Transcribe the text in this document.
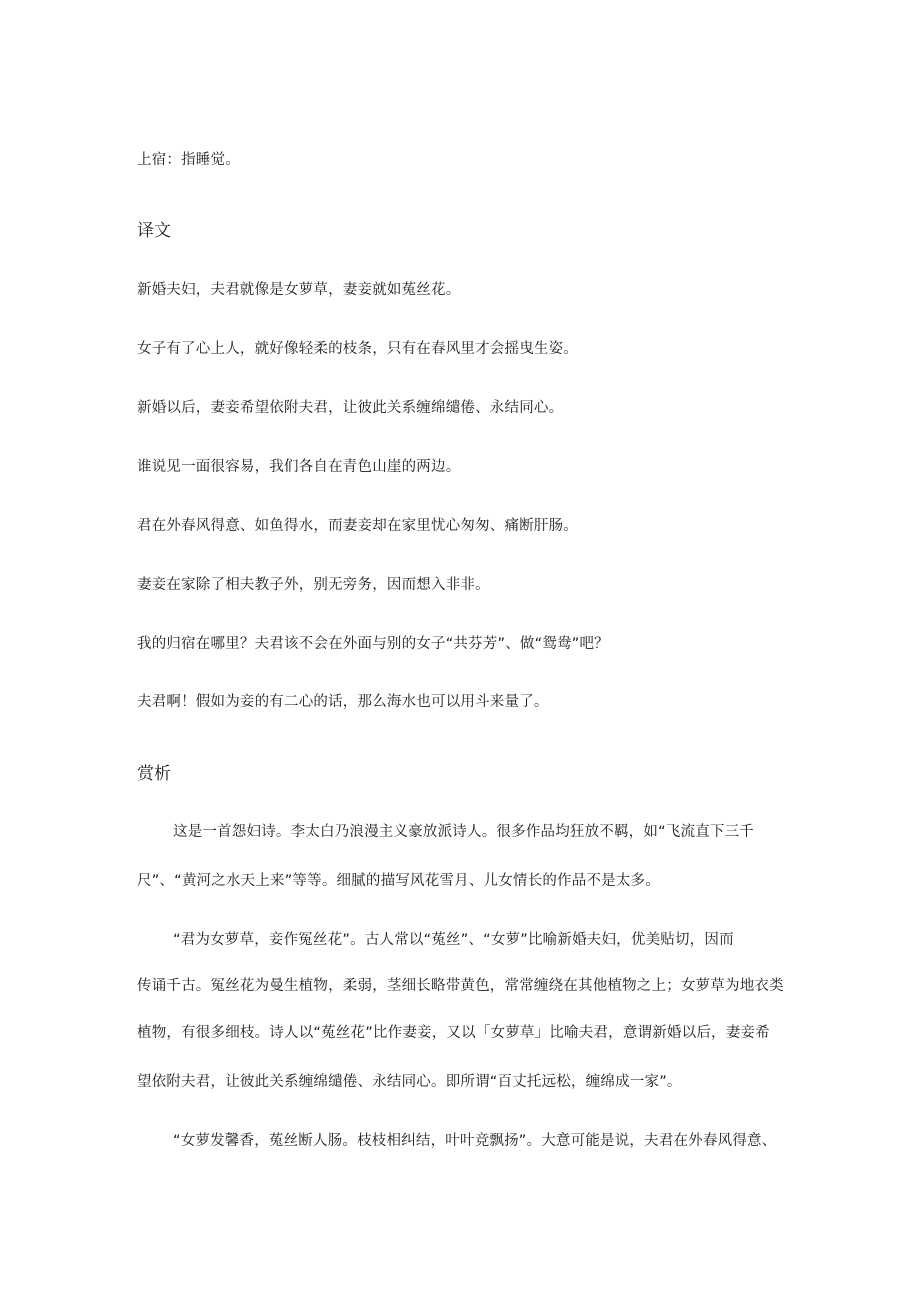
上宿：指睡觉。
译文
新婚夫妇，夫君就像是女萝草，妻妾就如菟丝花。
女子有了心上人，就好像轻柔的枝条，只有在春风里才会摇曳生姿。
新婚以后，妻妾希望依附夫君，让彼此关系缠绵缱倦、永结同心。
谁说见一面很容易，我们各自在青色山崖的两边。
君在外春风得意、如鱼得水，而妻妾却在家里忧心匆匆、痛断肝肠。
妻妾在家除了相夫教子外，别无旁务，因而想入非非。
我的归宿在哪里？夫君该不会在外面与别的女子“共芬芳”、做“鸳鸯”吧？
夫君啊！假如为妾的有二心的话，那么海水也可以用斗来量了。
赏析
这是一首怨妇诗。李太白乃浪漫主义豪放派诗人。很多作品均狂放不羁，如“飞流直下三千
尺”、“黄河之水天上来”等等。细腻的描写风花雪月、儿女情长的作品不是太多。
“君为女萝草，妾作冤丝花”。古人常以“菟丝”、“女萝”比喻新婚夫妇，优美贴切，因而
传诵千古。冤丝花为曼生植物，柔弱，茎细长略带黄色，常常缠绕在其他植物之上；女萝草为地衣类
植物，有很多细枝。诗人以“菟丝花”比作妻妾，又以「女萝草」比喻夫君，意谓新婚以后，妻妾希
望依附夫君，让彼此关系缠绵缱倦、永结同心。即所谓“百丈托远松，缠绵成一家”。
“女萝发馨香，菟丝断人肠。枝枝相纠结，叶叶竞飘扬”。大意可能是说，夫君在外春风得意、
